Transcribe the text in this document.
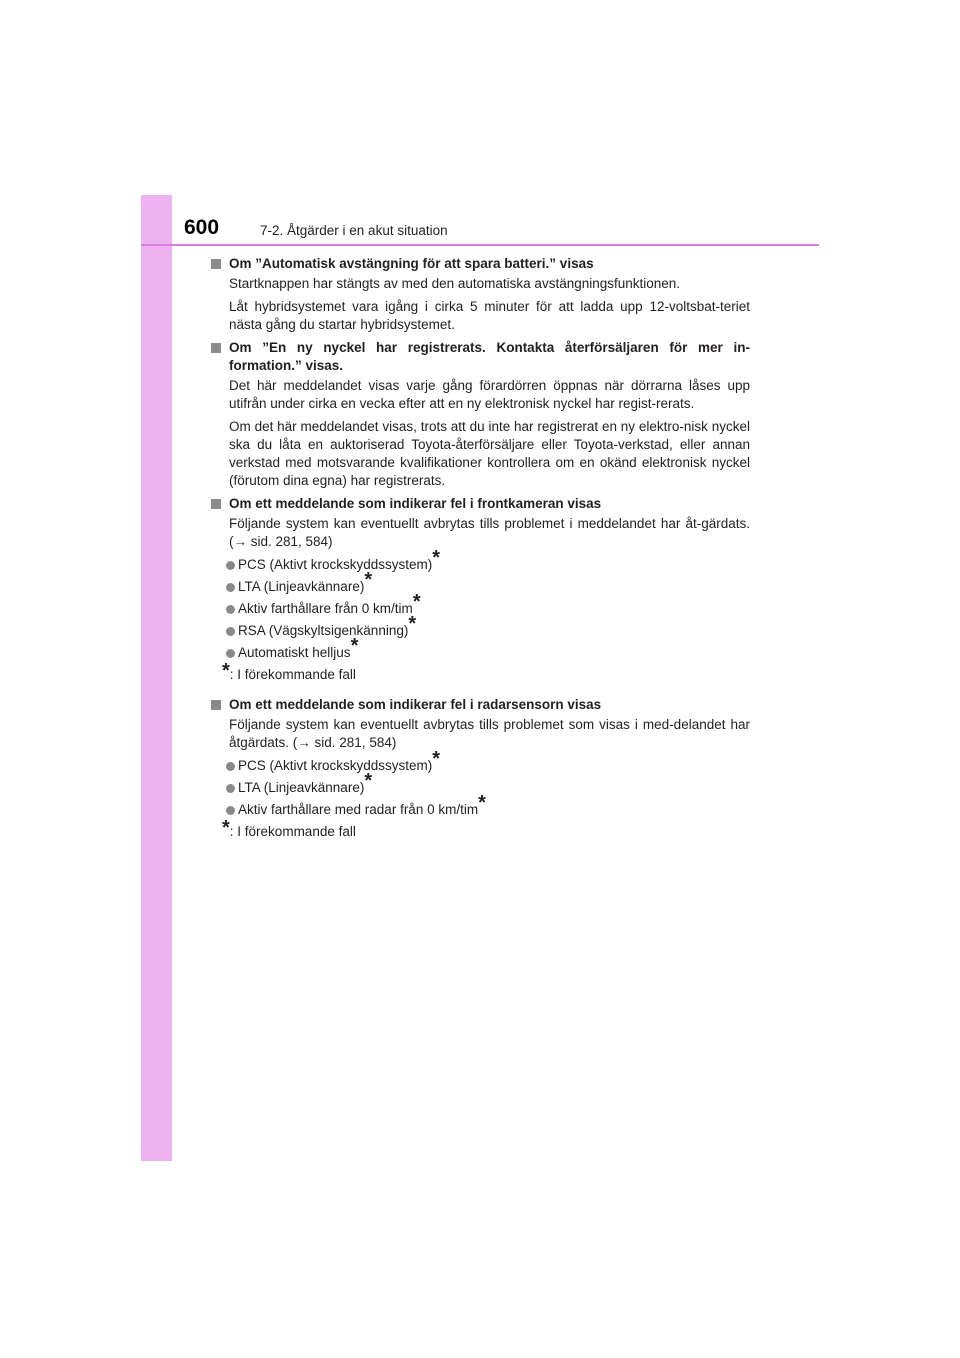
600	7-2. Åtgärder i en akut situation
Om ”Automatisk avstängning för att spara batteri.” visas
Startknappen har stängts av med den automatiska avstängningsfunktionen.
Låt hybridsystemet vara igång i cirka 5 minuter för att ladda upp 12-voltsbat-teriet nästa gång du startar hybridsystemet.
Om ”En ny nyckel har registrerats. Kontakta återförsäljaren för mer in-formation.” visas.
Det här meddelandet visas varje gång förardörren öppnas när dörrarna låses upp utifrån under cirka en vecka efter att en ny elektronisk nyckel har regist-rerats.
Om det här meddelandet visas, trots att du inte har registrerat en ny elektro-nisk nyckel ska du låta en auktoriserad Toyota-återförsäljare eller Toyota-verkstad, eller annan verkstad med motsvarande kvalifikationer kontrollera om en okänd elektronisk nyckel (förutom dina egna) har registrerats.
Om ett meddelande som indikerar fel i frontkameran visas
Följande system kan eventuellt avbrytas tills problemet i meddelandet har åt-gärdats. (→ sid. 281, 584)
PCS (Aktivt krockskyddssystem)*
LTA (Linjeavkännare)*
Aktiv farthållare från 0 km/tim*
RSA (Vägskyltsigenkänning)*
Automatiskt helljus*
*: I förekommande fall
Om ett meddelande som indikerar fel i radarsensorn visas
Följande system kan eventuellt avbrytas tills problemet som visas i med-delandet har åtgärdats. (→ sid. 281, 584)
PCS (Aktivt krockskyddssystem)*
LTA (Linjeavkännare)*
Aktiv farthållare med radar från 0 km/tim*
*: I förekommande fall
